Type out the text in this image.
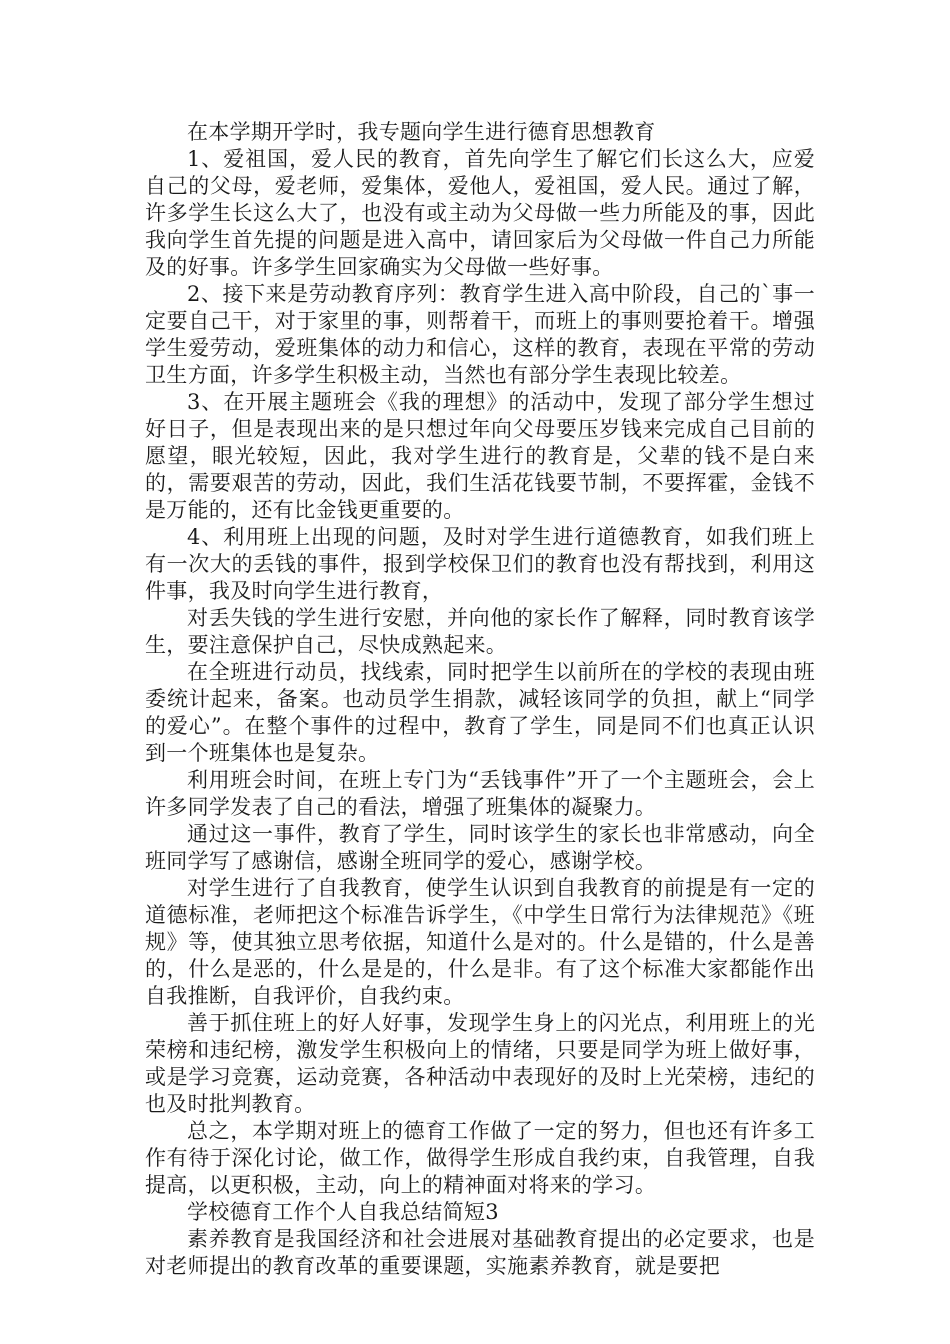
在本学期开学时，我专题向学生进行德育思想教育

1、爱祖国，爱人民的教育，首先向学生了解它们长这么大，应爱自己的父母，爱老师，爱集体，爱他人，爱祖国，爱人民。通过了解，许多学生长这么大了，也没有或主动为父母做一些力所能及的事，因此我向学生首先提的问题是进入高中，请回家后为父母做一件自己力所能及的好事。许多学生回家确实为父母做一些好事。

2、接下来是劳动教育序列：教育学生进入高中阶段，自己的`事一定要自己干，对于家里的事，则帮着干，而班上的事则要抢着干。增强学生爱劳动，爱班集体的动力和信心，这样的教育，表现在平常的劳动卫生方面，许多学生积极主动，当然也有部分学生表现比较差。

3、在开展主题班会《我的理想》的活动中，发现了部分学生想过好日子，但是表现出来的是只想过年向父母要压岁钱来完成自己目前的愿望，眼光较短，因此，我对学生进行的教育是，父辈的钱不是白来的，需要艰苦的劳动，因此，我们生活花钱要节制，不要挥霍，金钱不是万能的，还有比金钱更重要的。

4、利用班上出现的问题，及时对学生进行道德教育，如我们班上有一次大的丢钱的事件，报到学校保卫们的教育也没有帮找到，利用这件事，我及时向学生进行教育，

对丢失钱的学生进行安慰，并向他的家长作了解释，同时教育该学生，要注意保护自己，尽快成熟起来。

在全班进行动员，找线索，同时把学生以前所在的学校的表现由班委统计起来，备案。也动员学生捐款，减轻该同学的负担，献上“同学的爱心”。在整个事件的过程中，教育了学生，同是同不们也真正认识到一个班集体也是复杂。

利用班会时间，在班上专门为“丢钱事件”开了一个主题班会，会上许多同学发表了自己的看法，增强了班集体的凝聚力。

通过这一事件，教育了学生，同时该学生的家长也非常感动，向全班同学写了感谢信，感谢全班同学的爱心，感谢学校。

对学生进行了自我教育，使学生认识到自我教育的前提是有一定的道德标准，老师把这个标准告诉学生，《中学生日常行为法律规范》《班规》等，使其独立思考依据，知道什么是对的。什么是错的，什么是善的，什么是恶的，什么是是的，什么是非。有了这个标准大家都能作出自我推断，自我评价，自我约束。

善于抓住班上的好人好事，发现学生身上的闪光点，利用班上的光荣榜和违纪榜，激发学生积极向上的情绪，只要是同学为班上做好事，或是学习竞赛，运动竞赛，各种活动中表现好的及时上光荣榜，违纪的也及时批判教育。

总之，本学期对班上的德育工作做了一定的努力，但也还有许多工作有待于深化讨论，做工作，做得学生形成自我约束，自我管理，自我提高，以更积极，主动，向上的精神面对将来的学习。

学校德育工作个人自我总结简短3

素养教育是我国经济和社会进展对基础教育提出的必定要求，也是对老师提出的教育改革的重要课题，实施素养教育，就是要把
